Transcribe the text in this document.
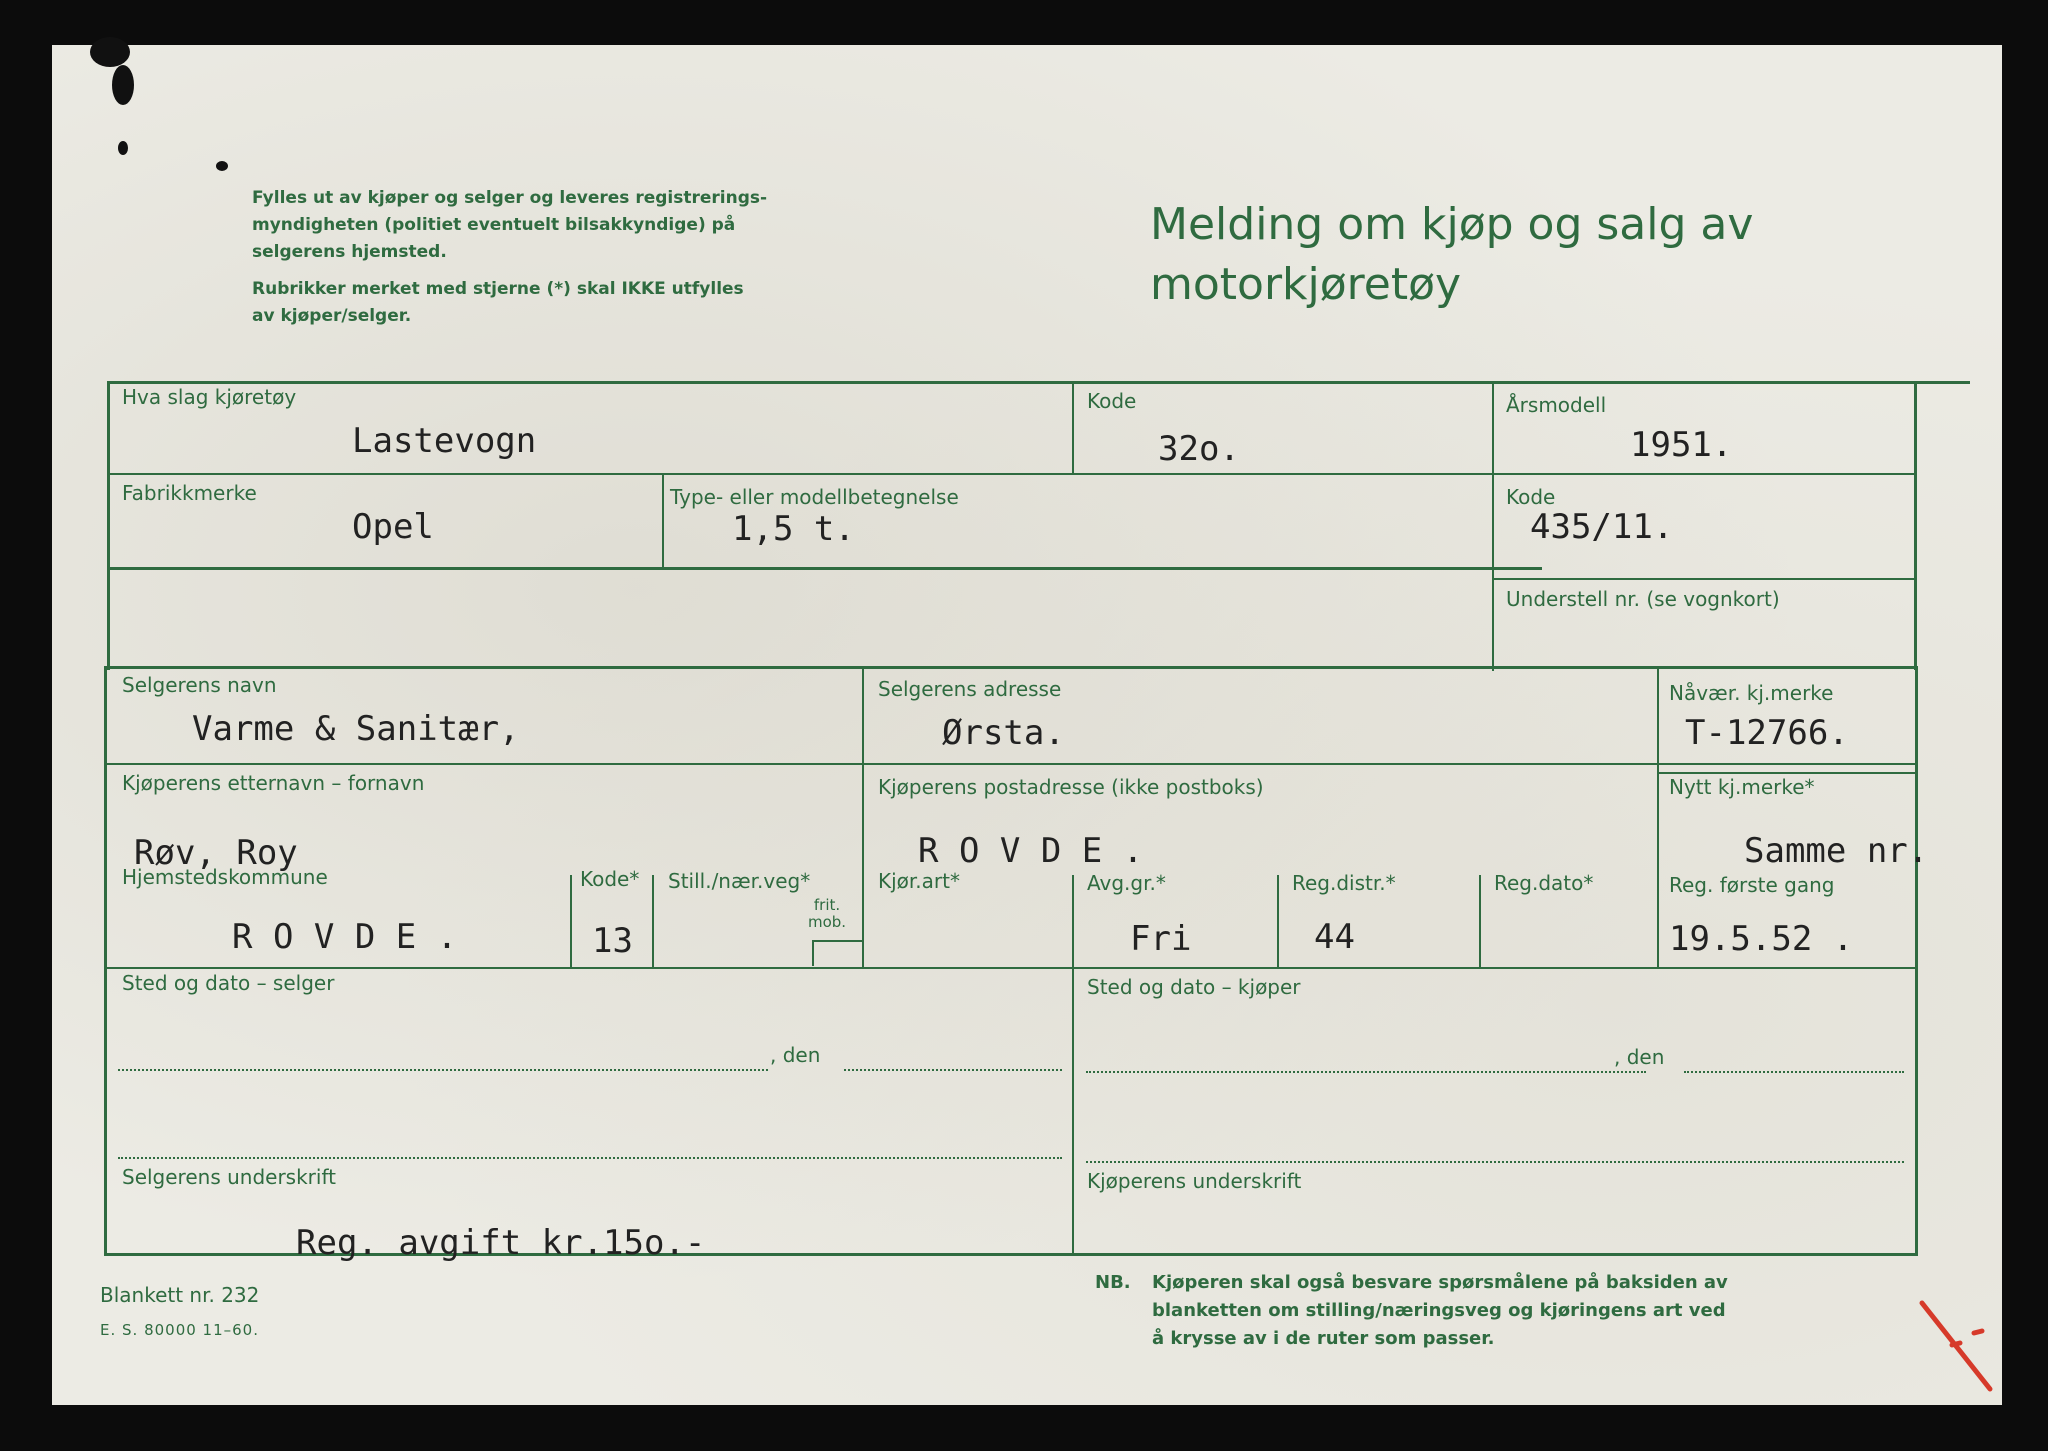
Fylles ut av kjøper og selger og leveres registrerings-
myndigheten (politiet eventuelt bilsakkyndige) på
selgerens hjemsted.
Rubrikker merket med stjerne (*) skal IKKE utfylles
av kjøper/selger.
Melding om kjøp og salg av
motorkjøretøy
Hva slag kjøretøy
Lastevogn
Kode
32o.
Årsmodell
1951.
Fabrikkmerke
Opel
Type- eller modellbetegnelse
1,5 t.
Kode
435/11.
Understell nr. (se vognkort)
Selgerens navn
Varme & Sanitær,
Selgerens adresse
Ørsta.
Nåvær. kj.merke
T-12766.
Kjøperens etternavn – fornavn
Røv, Roy
Kjøperens postadresse (ikke postboks)
R O V D E .
Nytt kj.merke*
Samme nr.
Hjemstedskommune
R O V D E .
Kode*
13
Still./nær.veg*
frit.
mob.
Kjør.art*	Avg.gr.*
Fri
Reg.distr.*
44
Reg.dato*	Reg. første gang
19.5.52 .
Sted og dato – selger
, den
Selgerens underskrift
Sted og dato – kjøper
, den
Kjøperens underskrift
Reg. avgift kr.15o.-
Blankett nr. 232
E. S. 80000 11–60.
NB. Kjøperen skal også besvare spørsmålene på baksiden av
blanketten om stilling/næringsveg og kjøringens art ved
å krysse av i de ruter som passer.
